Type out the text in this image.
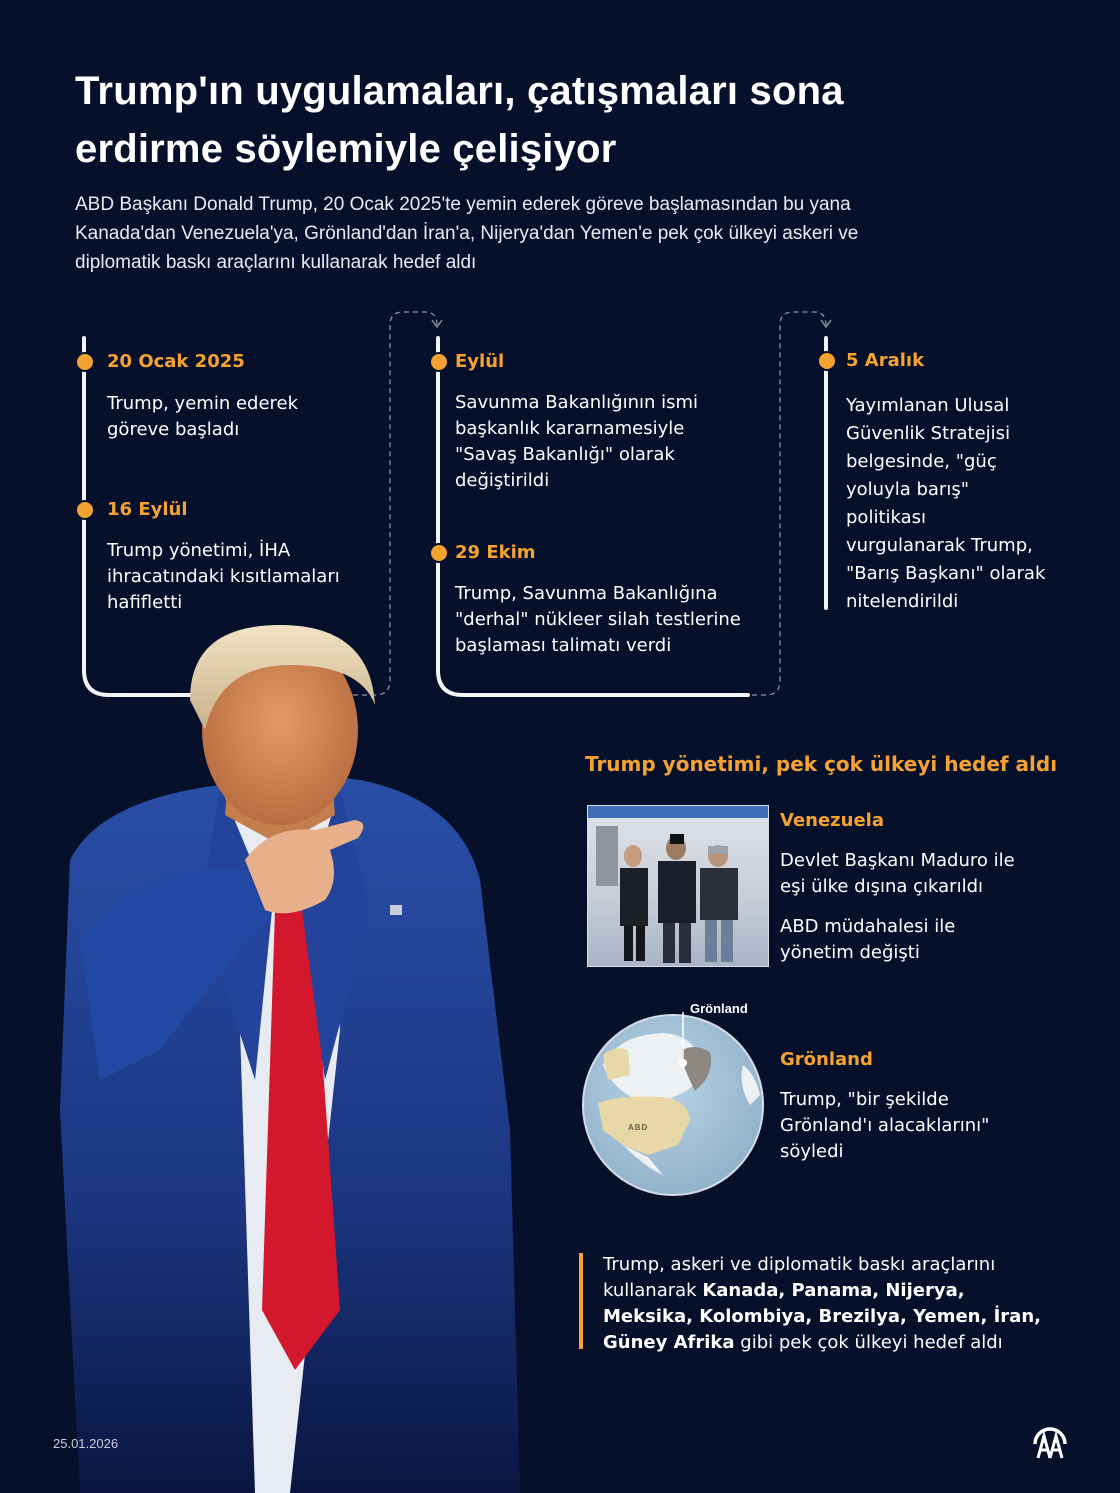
Trump'ın uygulamaları, çatışmaları sona
erdirme söylemiyle çelişiyor
ABD Başkanı Donald Trump, 20 Ocak 2025'te yemin ederek göreve başlamasından bu yana
Kanada'dan Venezuela'ya, Grönland'dan İran'a, Nijerya'dan Yemen'e pek çok ülkeyi askeri ve
diplomatik baskı araçlarını kullanarak hedef aldı
20 Ocak 2025
Trump, yemin ederek
göreve başladı
16 Eylül
Trump yönetimi, İHA
ihracatındaki kısıtlamaları
hafifletti
Eylül
Savunma Bakanlığının ismi
başkanlık kararnamesiyle
"Savaş Bakanlığı" olarak
değiştirildi
29 Ekim
Trump, Savunma Bakanlığına
"derhal" nükleer silah testlerine
başlaması talimatı verdi
5 Aralık
Yayımlanan Ulusal
Güvenlik Stratejisi
belgesinde, "güç
yoluyla barış"
politikası
vurgulanarak Trump,
"Barış Başkanı" olarak
nitelendirildi
Trump yönetimi, pek çok ülkeyi hedef aldı
Venezuela
Devlet Başkanı Maduro ile
eşi ülke dışına çıkarıldı
ABD müdahalesi ile
yönetim değişti
Grönland
ABD
Grönland
Trump, "bir şekilde
Grönland'ı alacaklarını"
söyledi
Trump, askeri ve diplomatik baskı araçlarını
kullanarak Kanada, Panama, Nijerya,
Meksika, Kolombiya, Brezilya, Yemen, İran,
Güney Afrika gibi pek çok ülkeyi hedef aldı
25.01.2026
